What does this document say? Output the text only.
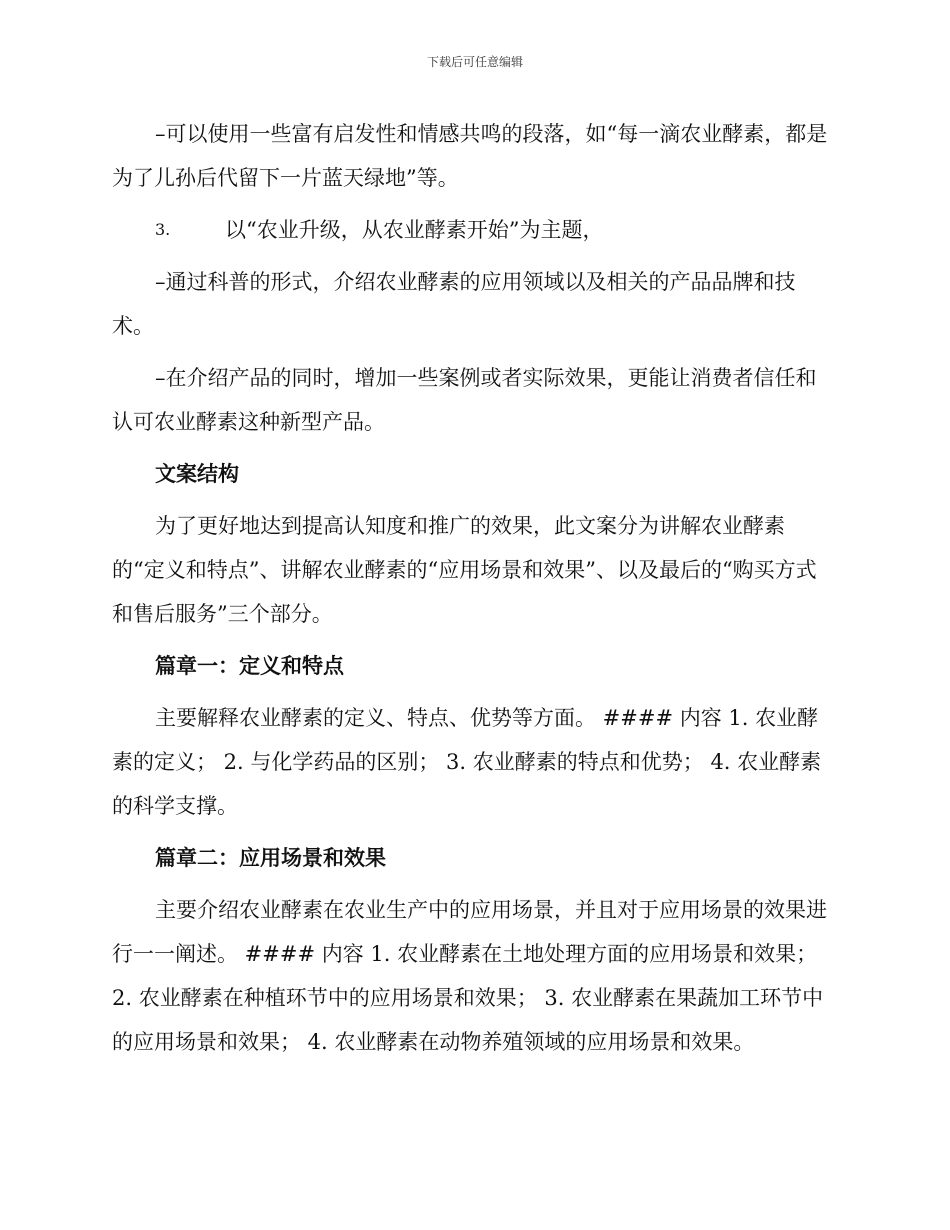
下载后可任意编辑

–可以使用一些富有启发性和情感共鸣的段落，如“每一滴农业酵素，都是为了儿孙后代留下一片蓝天绿地”等。

3.	以“农业升级，从农业酵素开始”为主题，

–通过科普的形式，介绍农业酵素的应用领域以及相关的产品品牌和技术。

–在介绍产品的同时，增加一些案例或者实际效果，更能让消费者信任和认可农业酵素这种新型产品。

文案结构

为了更好地达到提高认知度和推广的效果，此文案分为讲解农业酵素的“定义和特点”、讲解农业酵素的“应用场景和效果”、以及最后的“购买方式和售后服务”三个部分。

篇章一：定义和特点

主要解释农业酵素的定义、特点、优势等方面。 #### 内容 1. 农业酵素的定义； 2. 与化学药品的区别； 3. 农业酵素的特点和优势； 4. 农业酵素的科学支撑。

篇章二：应用场景和效果

主要介绍农业酵素在农业生产中的应用场景，并且对于应用场景的效果进行一一阐述。 #### 内容 1. 农业酵素在土地处理方面的应用场景和效果； 2. 农业酵素在种植环节中的应用场景和效果； 3. 农业酵素在果蔬加工环节中的应用场景和效果； 4. 农业酵素在动物养殖领域的应用场景和效果。
